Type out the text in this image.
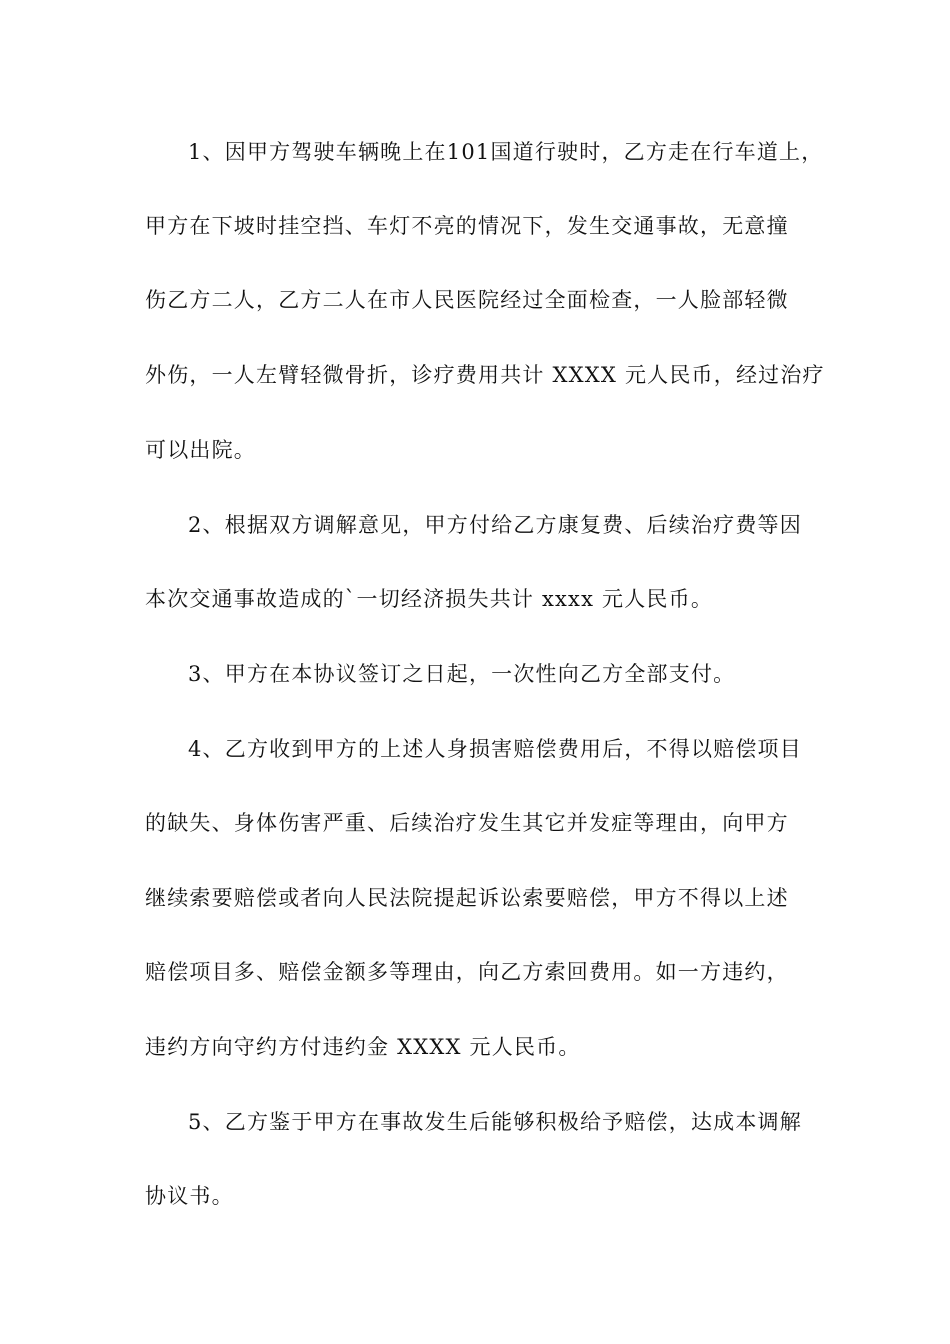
1、因甲方驾驶车辆晚上在101国道行驶时，乙方走在行车道上，
甲方在下坡时挂空挡、车灯不亮的情况下，发生交通事故，无意撞
伤乙方二人，乙方二人在市人民医院经过全面检查，一人脸部轻微
外伤，一人左臂轻微骨折，诊疗费用共计 XXXX 元人民币，经过治疗
可以出院。
2、根据双方调解意见，甲方付给乙方康复费、后续治疗费等因
本次交通事故造成的`一切经济损失共计 xxxx 元人民币。
3、甲方在本协议签订之日起，一次性向乙方全部支付。
4、乙方收到甲方的上述人身损害赔偿费用后，不得以赔偿项目
的缺失、身体伤害严重、后续治疗发生其它并发症等理由，向甲方
继续索要赔偿或者向人民法院提起诉讼索要赔偿，甲方不得以上述
赔偿项目多、赔偿金额多等理由，向乙方索回费用。如一方违约，
违约方向守约方付违约金 XXXX 元人民币。
5、乙方鉴于甲方在事故发生后能够积极给予赔偿，达成本调解
协议书。
